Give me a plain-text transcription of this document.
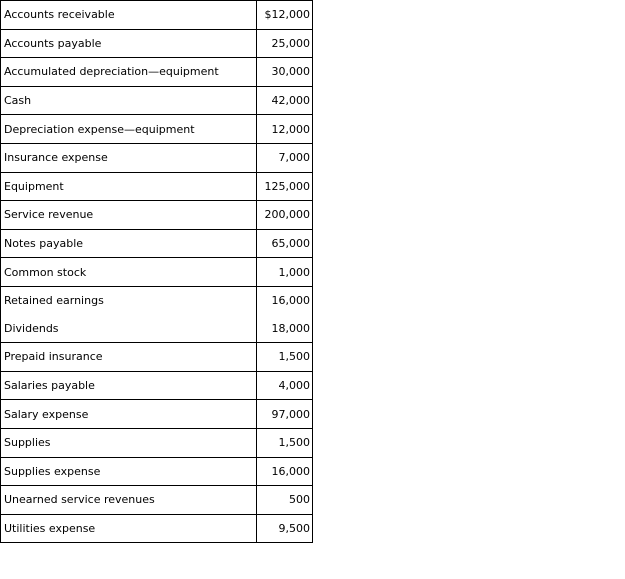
Accounts receivable	$12,000
Accounts payable	25,000
Accumulated depreciation—equipment	30,000
Cash	42,000
Depreciation expense—equipment	12,000
Insurance expense	7,000
Equipment	125,000
Service revenue	200,000
Notes payable	65,000
Common stock	1,000
Retained earnings	16,000
Dividends	18,000
Prepaid insurance	1,500
Salaries payable	4,000
Salary expense	97,000
Supplies	1,500
Supplies expense	16,000
Unearned service revenues	500
Utilities expense	9,500
